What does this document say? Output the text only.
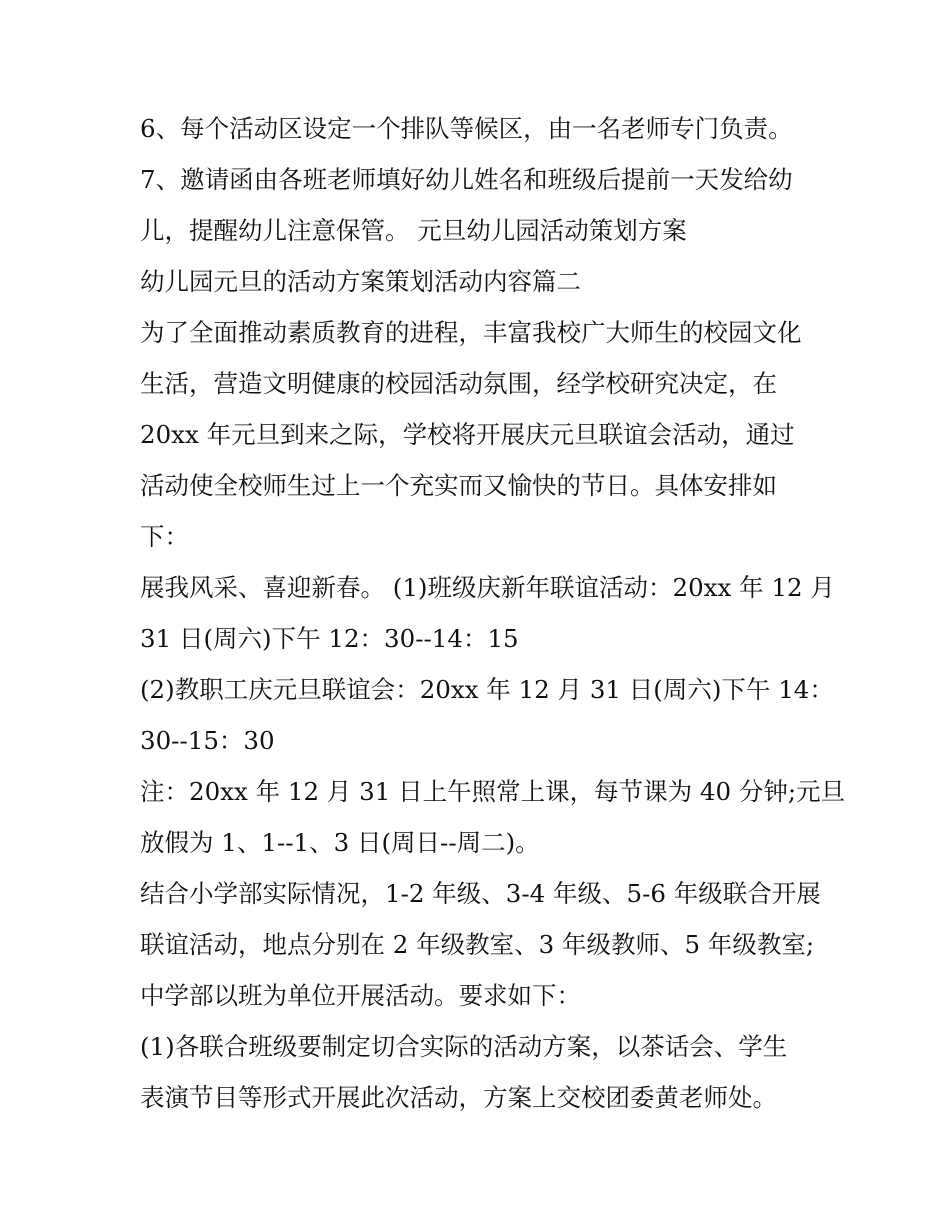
6、每个活动区设定一个排队等候区，由一名老师专门负责。
7、邀请函由各班老师填好幼儿姓名和班级后提前一天发给幼
儿，提醒幼儿注意保管。 元旦幼儿园活动策划方案
幼儿园元旦的活动方案策划活动内容篇二
为了全面推动素质教育的进程，丰富我校广大师生的校园文化
生活，营造文明健康的校园活动氛围，经学校研究决定，在
20xx 年元旦到来之际，学校将开展庆元旦联谊会活动，通过
活动使全校师生过上一个充实而又愉快的节日。具体安排如
下：
展我风采、喜迎新春。 (1)班级庆新年联谊活动：20xx 年 12 月
31 日(周六)下午 12：30--14：15
(2)教职工庆元旦联谊会：20xx 年 12 月 31 日(周六)下午 14：
30--15：30
注：20xx 年 12 月 31 日上午照常上课，每节课为 40 分钟;元旦
放假为 1、1--1、3 日(周日--周二)。
结合小学部实际情况，1-2 年级、3-4 年级、5-6 年级联合开展
联谊活动，地点分别在 2 年级教室、3 年级教师、5 年级教室;
中学部以班为单位开展活动。要求如下：
(1)各联合班级要制定切合实际的活动方案，以茶话会、学生
表演节目等形式开展此次活动，方案上交校团委黄老师处。
